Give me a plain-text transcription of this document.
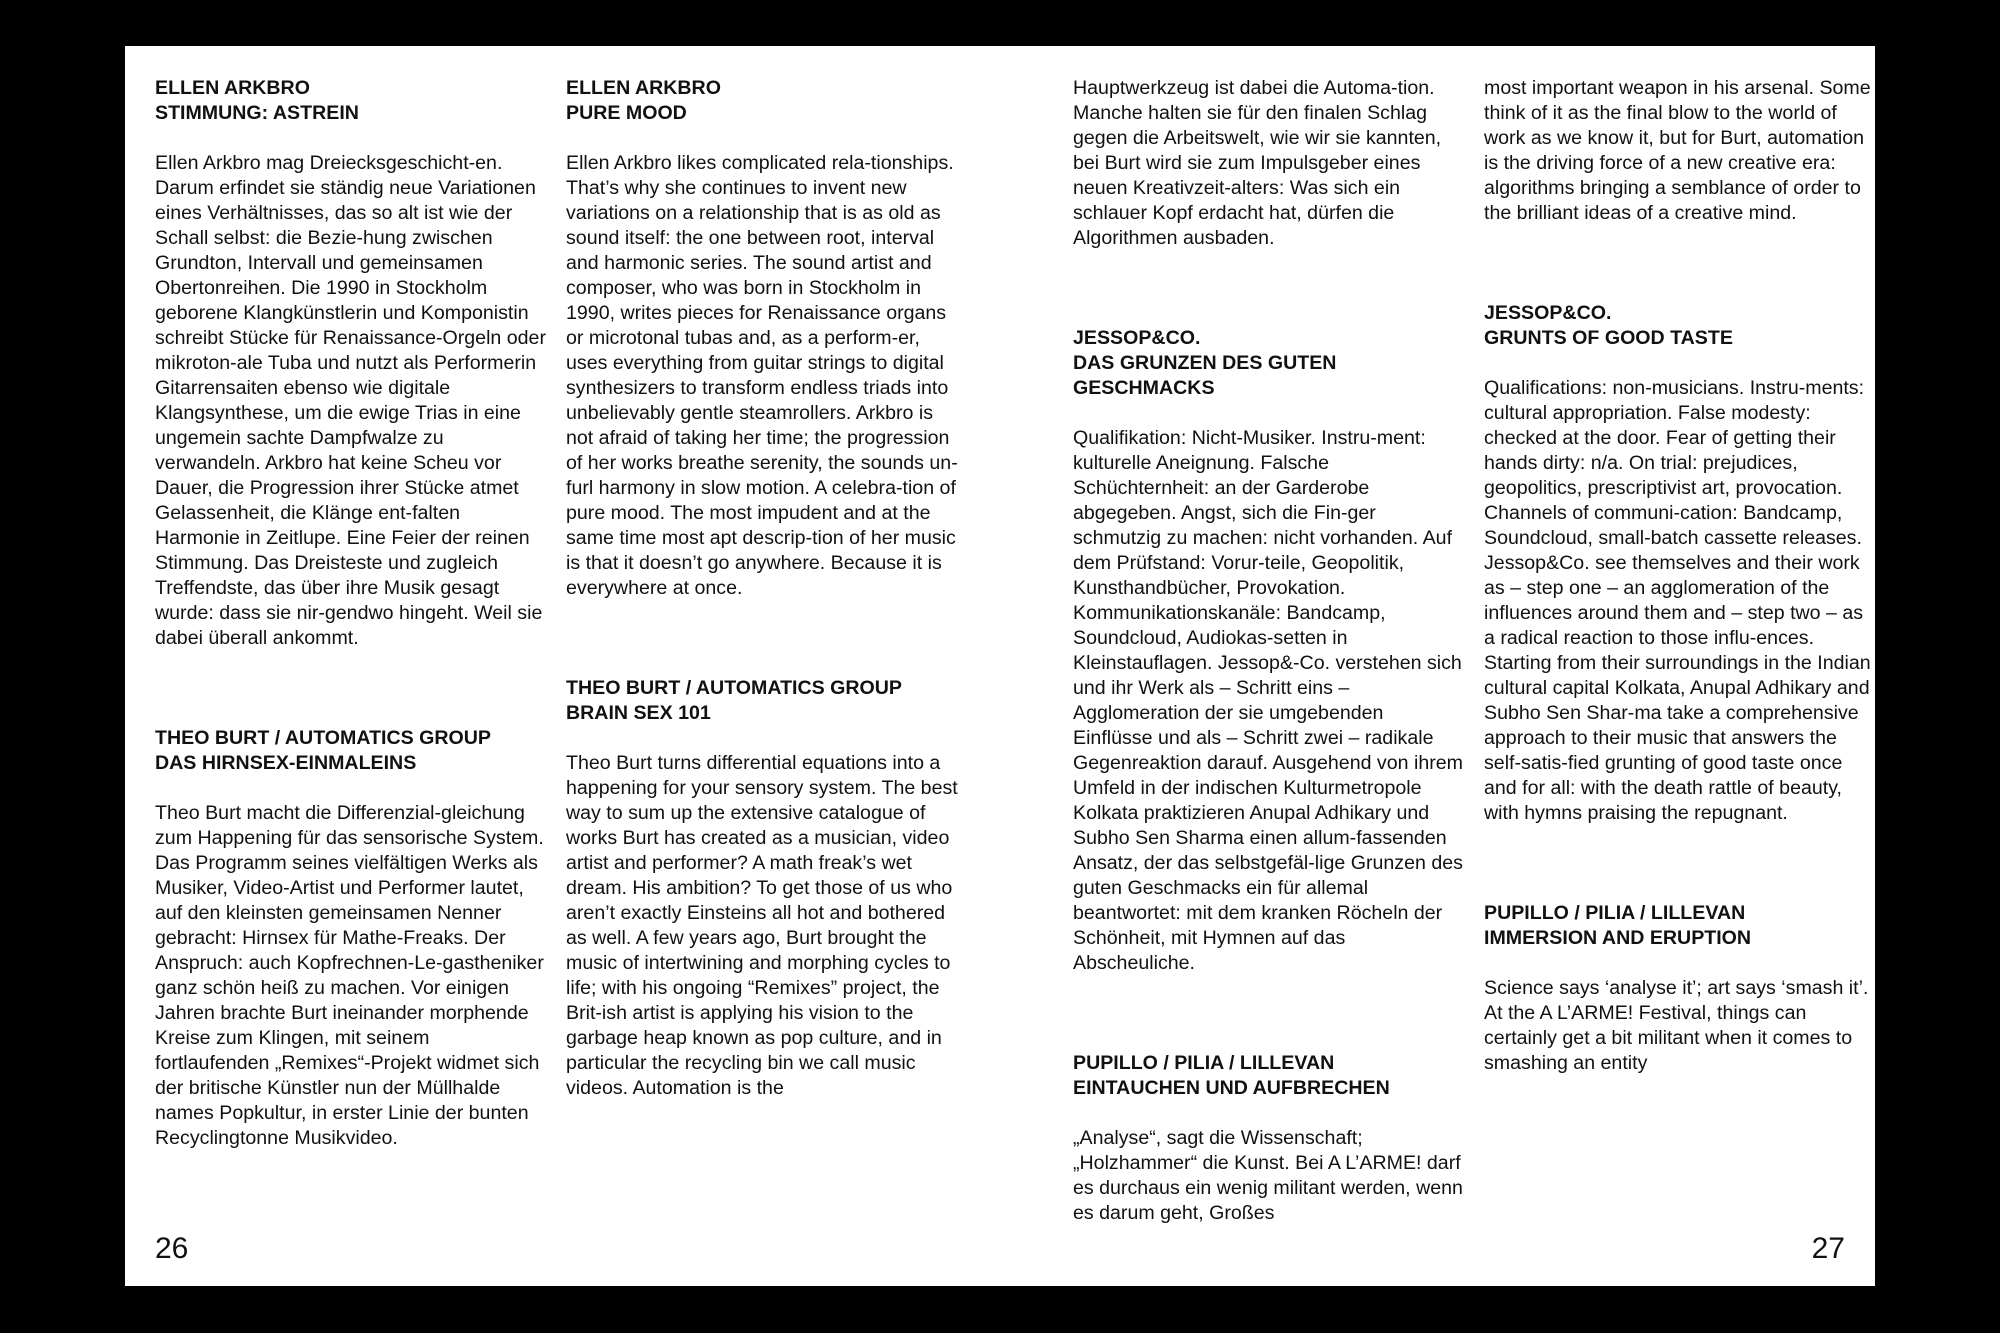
ELLEN ARKBRO
STIMMUNG: ASTREIN

Ellen Arkbro mag Dreiecksgeschicht-en. Darum erfindet sie ständig neue Variationen eines Verhältnisses, das so alt ist wie der Schall selbst: die Bezie-hung zwischen Grundton, Intervall und gemeinsamen Obertonreihen. Die 1990 in Stockholm geborene Klangkünstlerin und Komponistin schreibt Stücke für Renaissance-Orgeln oder mikroton-ale Tuba und nutzt als Performerin Gitarrensaiten ebenso wie digitale Klangsynthese, um die ewige Trias in eine ungemein sachte Dampfwalze zu verwandeln. Arkbro hat keine Scheu vor Dauer, die Progression ihrer Stücke atmet Gelassenheit, die Klänge ent-falten Harmonie in Zeitlupe. Eine Feier der reinen Stimmung. Das Dreisteste und zugleich Treffendste, das über ihre Musik gesagt wurde: dass sie nir-gendwo hingeht. Weil sie dabei überall ankommt.

THEO BURT / AUTOMATICS GROUP
DAS HIRNSEX-EINMALEINS

Theo Burt macht die Differenzial-gleichung zum Happening für das sensorische System. Das Programm seines vielfältigen Werks als Musiker, Video-Artist und Performer lautet, auf den kleinsten gemeinsamen Nenner gebracht: Hirnsex für Mathe-Freaks. Der Anspruch: auch Kopfrechnen-Le-gastheniker ganz schön heiß zu machen. Vor einigen Jahren brachte Burt ineinander morphende Kreise zum Klingen, mit seinem fortlaufenden „Remixes“-Projekt widmet sich der britische Künstler nun der Müllhalde names Popkultur, in erster Linie der bunten Recyclingtonne Musikvideo.

ELLEN ARKBRO
PURE MOOD

Ellen Arkbro likes complicated rela-tionships. That’s why she continues to invent new variations on a relationship that is as old as sound itself: the one between root, interval and harmonic series. The sound artist and composer, who was born in Stockholm in 1990, writes pieces for Renaissance organs or microtonal tubas and, as a perform-er, uses everything from guitar strings to digital synthesizers to transform endless triads into unbelievably gentle steamrollers. Arkbro is not afraid of taking her time; the progression of her works breathe serenity, the sounds un-furl harmony in slow motion. A celebra-tion of pure mood. The most impudent and at the same time most apt descrip-tion of her music is that it doesn’t go anywhere. Because it is everywhere at once.

THEO BURT / AUTOMATICS GROUP
BRAIN SEX 101

Theo Burt turns differential equations into a happening for your sensory system. The best way to sum up the extensive catalogue of works Burt has created as a musician, video artist and performer? A math freak’s wet dream. His ambition? To get those of us who aren’t exactly Einsteins all hot and bothered as well. A few years ago, Burt brought the music of intertwining and morphing cycles to life; with his ongoing “Remixes” project, the Brit-ish artist is applying his vision to the garbage heap known as pop culture, and in particular the recycling bin we call music videos. Automation is the

26

Hauptwerkzeug ist dabei die Automa-tion. Manche halten sie für den finalen Schlag gegen die Arbeitswelt, wie wir sie kannten, bei Burt wird sie zum Impulsgeber eines neuen Kreativzeit-alters: Was sich ein schlauer Kopf erdacht hat, dürfen die Algorithmen ausbaden.

JESSOP&CO.
DAS GRUNZEN DES GUTEN GESCHMACKS

Qualifikation: Nicht-Musiker. Instru-ment: kulturelle Aneignung. Falsche Schüchternheit: an der Garderobe abgegeben. Angst, sich die Fin-ger schmutzig zu machen: nicht vorhanden. Auf dem Prüfstand: Vorur-teile, Geopolitik, Kunsthandbücher, Provokation. Kommunikationskanäle: Bandcamp, Soundcloud, Audiokas-setten in Kleinstauflagen. Jessop&-Co. verstehen sich und ihr Werk als – Schritt eins – Agglomeration der sie umgebenden Einflüsse und als – Schritt zwei – radikale Gegenreaktion darauf. Ausgehend von ihrem Umfeld in der indischen Kulturmetropole Kolkata praktizieren Anupal Adhikary und Subho Sen Sharma einen allum-fassenden Ansatz, der das selbstgefäl-lige Grunzen des guten Geschmacks ein für allemal beantwortet: mit dem kranken Röcheln der Schönheit, mit Hymnen auf das Abscheuliche.

PUPILLO / PILIA / LILLEVAN
EINTAUCHEN UND AUFBRECHEN

„Analyse“, sagt die Wissenschaft; „Holzhammer“ die Kunst. Bei A L’ARME! darf es durchaus ein wenig militant werden, wenn es darum geht, Großes

most important weapon in his arsenal. Some think of it as the final blow to the world of work as we know it, but for Burt, automation is the driving force of a new creative era: algorithms bringing a semblance of order to the brilliant ideas of a creative mind.

JESSOP&CO.
GRUNTS OF GOOD TASTE

Qualifications: non-musicians. Instru-ments: cultural appropriation. False modesty: checked at the door. Fear of getting their hands dirty: n/a. On trial: prejudices, geopolitics, prescriptivist art, provocation. Channels of communi-cation: Bandcamp, Soundcloud, small-batch cassette releases. Jessop&Co. see themselves and their work as – step one – an agglomeration of the influences around them and – step two – as a radical reaction to those influ-ences. Starting from their surroundings in the Indian cultural capital Kolkata, Anupal Adhikary and Subho Sen Shar-ma take a comprehensive approach to their music that answers the self-satis-fied grunting of good taste once and for all: with the death rattle of beauty, with hymns praising the repugnant.

PUPILLO / PILIA / LILLEVAN
IMMERSION AND ERUPTION

Science says ‘analyse it’; art says ‘smash it’. At the A L’ARME! Festival, things can certainly get a bit militant when it comes to smashing an entity

27
